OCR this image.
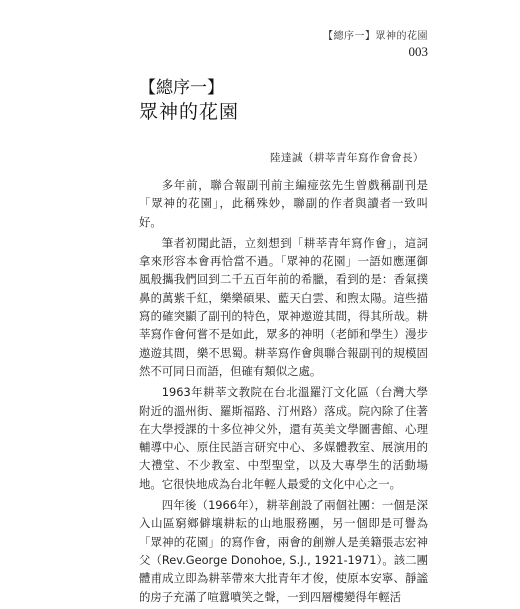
【總序一】眾神的花園
003
【總序一】
眾神的花園
陸達誠（耕莘青年寫作會會長）

多年前，聯合報副刊前主編痖弦先生曾戲稱副刊是「眾神的花園」，此稱殊妙，聯副的作者與讀者一致叫好。

筆者初聞此語，立刻想到「耕莘青年寫作會」，這詞拿來形容本會再恰當不過。「眾神的花園」一語如應運御風般攜我們回到二千五百年前的希臘，看到的是：香氣撲鼻的萬紫千紅，樂樂碩果、藍天白雲、和煦太陽。這些描寫的確突顯了副刊的特色，眾神遨遊其間，得其所哉。耕莘寫作會何嘗不是如此，眾多的神明（老師和學生）漫步遨遊其間，樂不思蜀。耕莘寫作會與聯合報副刊的規模固然不可同日而語，但確有類似之處。

1963年耕莘文教院在台北溫羅汀文化區（台灣大學附近的溫州街、羅斯福路、汀州路）落成。院內除了住著在大學授課的十多位神父外，還有英美文學圖書館、心理輔導中心、原住民語言研究中心、多媒體教室、展演用的大禮堂、不少教室、中型聖堂，以及大專學生的活動場地。它很快地成為台北年輕人最愛的文化中心之一。

四年後（1966年），耕莘創設了兩個社團：一個是深入山區窮鄉僻壤耕耘的山地服務團，另一個即是可譽為「眾神的花園」的寫作會，兩會的創辦人是美籍張志宏神父（Rev.George Donohoe, S.J., 1921-1971）。該二團體甫成立即為耕莘帶來大批青年才俊，使原本安寧、靜謐的房子充滿了喧囂噴笑之聲，一到四層樓變得年輕活
